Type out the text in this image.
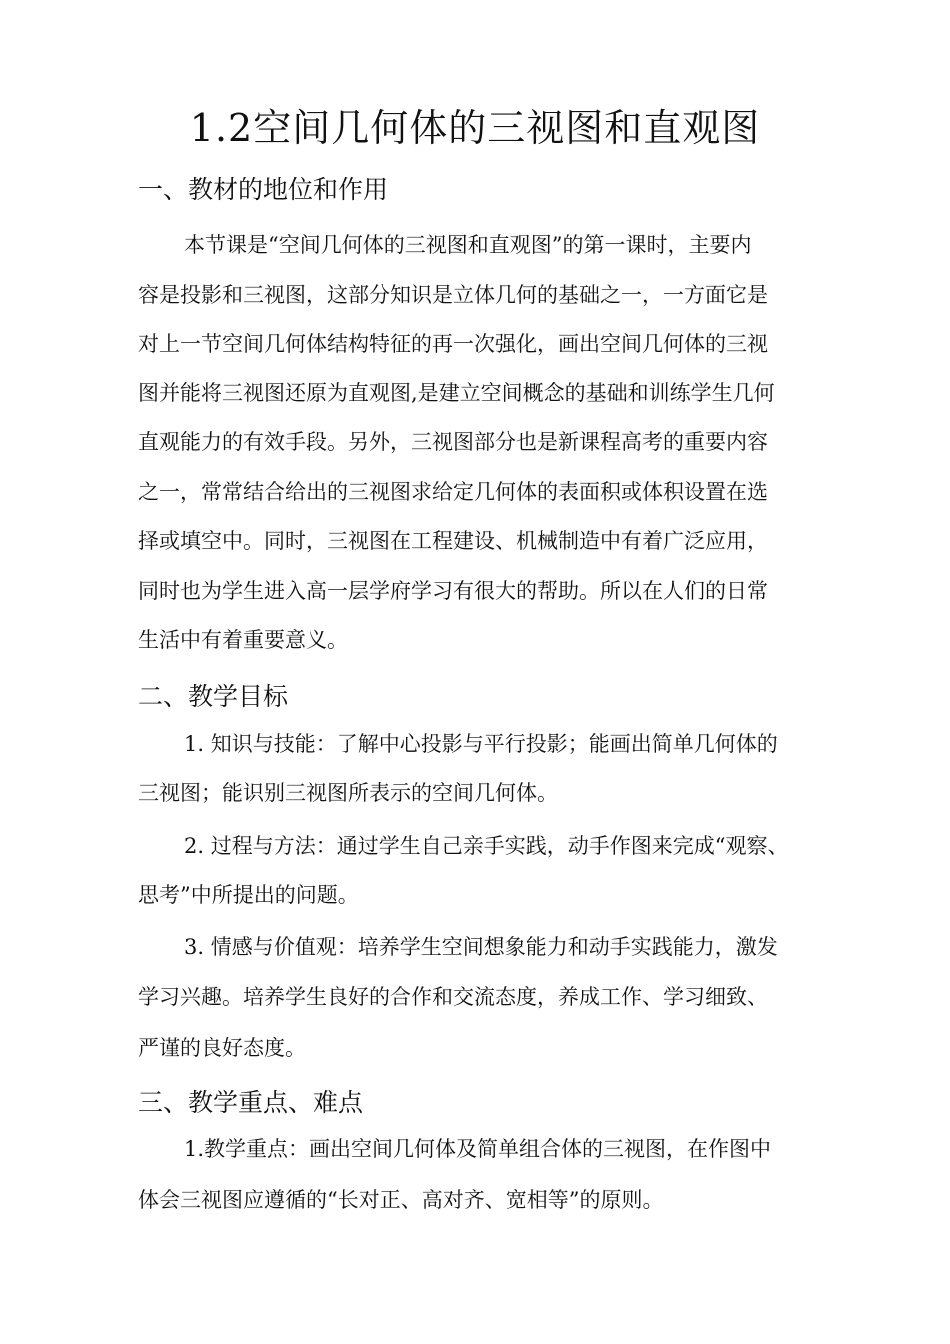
1.2空间几何体的三视图和直观图
一、教材的地位和作用
本节课是“空间几何体的三视图和直观图”的第一课时，主要内
容是投影和三视图，这部分知识是立体几何的基础之一，一方面它是
对上一节空间几何体结构特征的再一次强化，画出空间几何体的三视
图并能将三视图还原为直观图,是建立空间概念的基础和训练学生几何
直观能力的有效手段。另外，三视图部分也是新课程高考的重要内容
之一，常常结合给出的三视图求给定几何体的表面积或体积设置在选
择或填空中。同时，三视图在工程建设、机械制造中有着广泛应用，
同时也为学生进入高一层学府学习有很大的帮助。所以在人们的日常
生活中有着重要意义。
二、教学目标
1. 知识与技能：了解中心投影与平行投影；能画出简单几何体的
三视图；能识别三视图所表示的空间几何体。
2. 过程与方法：通过学生自己亲手实践，动手作图来完成“观察、
思考”中所提出的问题。
3. 情感与价值观：培养学生空间想象能力和动手实践能力，激发
学习兴趣。培养学生良好的合作和交流态度，养成工作、学习细致、
严谨的良好态度。
三、教学重点、难点
1.教学重点：画出空间几何体及简单组合体的三视图，在作图中
体会三视图应遵循的“长对正、高对齐、宽相等”的原则。
